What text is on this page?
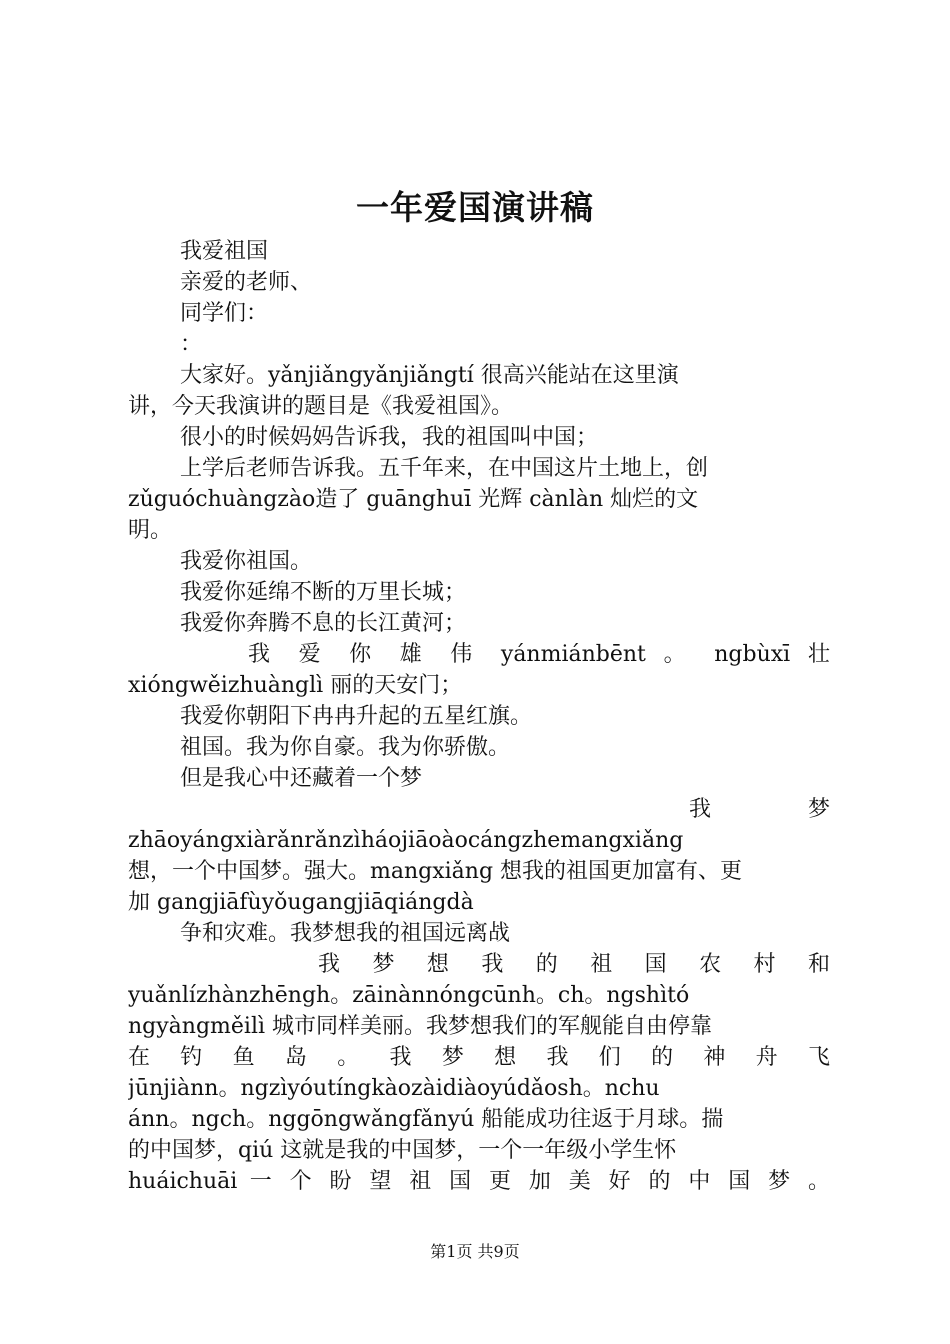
一年爱国演讲稿
我爱祖国
亲爱的老师、
同学们：
：
大家好。yǎnjiǎngyǎnjiǎngtí 很高兴能站在这里演
讲，今天我演讲的题目是《我爱祖国》。
很小的时候妈妈告诉我，我的祖国叫中国；
上学后老师告诉我。五千年来，在中国这片土地上，创
zǔguóchuàngzào造了 guānghuī 光辉 cànlàn 灿烂的文
明。
我爱你祖国。
我爱你延绵不断的万里长城；
我爱你奔腾不息的长江黄河；
我 爱 你 雄 伟 yánmiánbēnt 。 ngbùxī 壮
xióngwěizhuànglì 丽的天安门；
我爱你朝阳下冉冉升起的五星红旗。
祖国。我为你自豪。我为你骄傲。
但是我心中还藏着一个梦
我 梦
zhāoyángxiàrǎnrǎnzìháojiāoàocángzhemangxiǎng
想，一个中国梦。强大。mangxiǎng 想我的祖国更加富有、更
加 gangjiāfùyǒugangjiāqiángdà
争和灾难。我梦想我的祖国远离战
我 梦 想 我 的 祖 国 农 村 和
yuǎnlízhànzhēngh。zāinànnóngcūnh。ch。ngshìtó
ngyàngměilì 城市同样美丽。我梦想我们的军舰能自由停靠
在 钓 鱼 岛 。 我 梦 想 我 们 的 神 舟 飞
jūnjiànn。ngzìyóutíngkàozàidiàoyúdǎosh。nchu
ánn。ngch。nggōngwǎngfǎnyú 船能成功往返于月球。揣
的中国梦，qiú 这就是我的中国梦，一个一年级小学生怀
huáichuāi 一 个 盼 望 祖 国 更 加 美 好 的 中 国 梦 。
第1页 共9页
